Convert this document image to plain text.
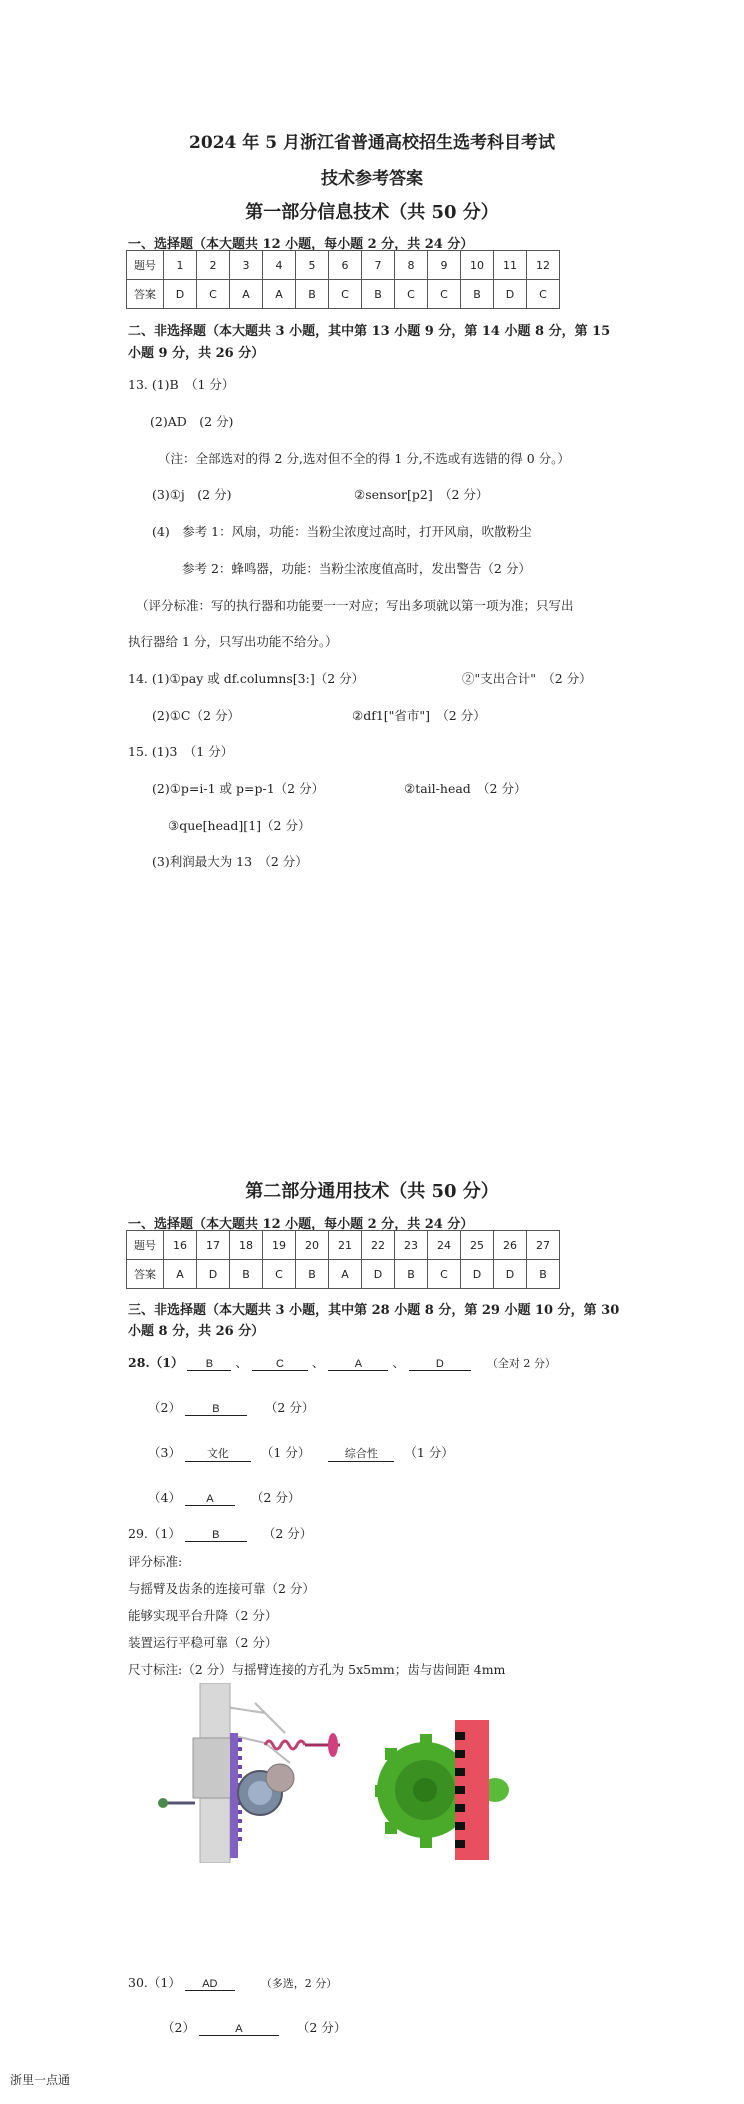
2024 年 5 月浙江省普通高校招生选考科目考试
技术参考答案
第一部分信息技术（共 50 分）
一、选择题（本大题共 12 小题，每小题 2 分，共 24 分）
题号	1	2	3	4	5	6	7	8	9	10	11	12
答案	D	C	A	A	B	C	B	C	C	B	D	C
二、非选择题（本大题共 3 小题，其中第 13 小题 9 分，第 14 小题 8 分，第 15
小题 9 分，共 26 分）
13. (1)B　（1 分）
(2)AD　(2 分)
（注：全部选对的得 2 分,选对但不全的得 1 分,不选或有选错的得 0 分。）
(3)①j　(2 分)	②sensor[p2]　（2 分）
(4)　参考 1：风扇，功能：当粉尘浓度过高时，打开风扇，吹散粉尘
参考 2：蜂鸣器，功能：当粉尘浓度值高时，发出警告（2 分）
（评分标准：写的执行器和功能要一一对应；写出多项就以第一项为准；只写出
执行器给 1 分，只写出功能不给分。）
14. (1)①pay 或 df.columns[3:]（2 分）	②"支出合计"　（2 分）
(2)①C（2 分）	②df1["省市"]　（2 分）
15. (1)3　（1 分）
(2)①p=i-1 或 p=p-1（2 分）	②tail-head　（2 分）
③que[head][1]（2 分）
(3)利润最大为 13　（2 分）
第二部分通用技术（共 50 分）
一、选择题（本大题共 12 小题，每小题 2 分，共 24 分）
题号	16	17	18	19	20	21	22	23	24	25	26	27
答案	A	D	B	C	B	A	D	B	C	D	D	B
三、非选择题（本大题共 3 小题，其中第 28 小题 8 分，第 29 小题 10 分，第 30
小题 8 分，共 26 分）
28.（1） B 、	C 、	A 、	D	（全对 2 分）
（2）	B	（2 分）
（3） 文化	（1 分）	综合性 （1 分）
（4） A	（2 分）
29.（1）	B	（2 分）
评分标准:
与摇臂及齿条的连接可靠（2 分）
能够实现平台升降（2 分）
装置运行平稳可靠（2 分）
尺寸标注:（2 分）与摇臂连接的方孔为 5x5mm；齿与齿间距 4mm
30.（1） AD	（多选，2 分）
（2）	A	（2 分）
浙里一点通
